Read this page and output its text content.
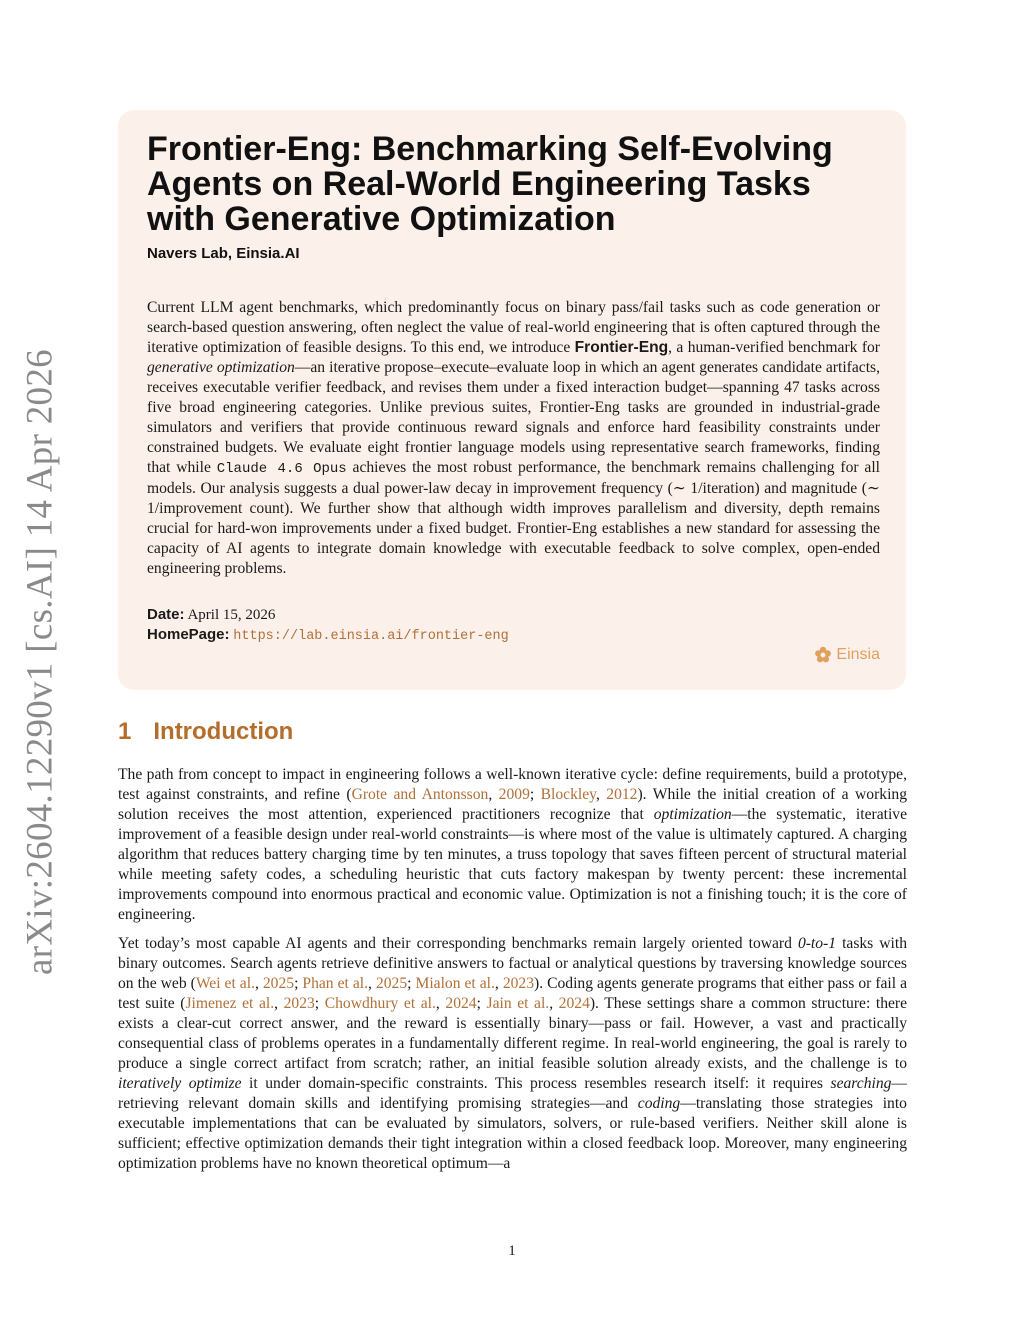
arXiv:2604.12290v1 [cs.AI] 14 Apr 2026
Frontier-Eng: Benchmarking Self-Evolving Agents on Real-World Engineering Tasks with Generative Optimization
Navers Lab, Einsia.AI
Current LLM agent benchmarks, which predominantly focus on binary pass/fail tasks such as code generation or search-based question answering, often neglect the value of real-world engineering that is often captured through the iterative optimization of feasible designs. To this end, we introduce Frontier-Eng, a human-verified benchmark for generative optimization—an iterative propose–execute–evaluate loop in which an agent generates candidate artifacts, receives executable verifier feedback, and revises them under a fixed interaction budget—spanning 47 tasks across five broad engineering categories. Unlike previous suites, Frontier-Eng tasks are grounded in industrial-grade simulators and verifiers that provide continuous reward signals and enforce hard feasibility constraints under constrained budgets. We evaluate eight frontier language models using representative search frameworks, finding that while Claude 4.6 Opus achieves the most robust performance, the benchmark remains challenging for all models. Our analysis suggests a dual power-law decay in improvement frequency (∼ 1/iteration) and magnitude (∼ 1/improvement count). We further show that although width improves parallelism and diversity, depth remains crucial for hard-won improvements under a fixed budget. Frontier-Eng establishes a new standard for assessing the capacity of AI agents to integrate domain knowledge with executable feedback to solve complex, open-ended engineering problems.
Date: April 15, 2026
HomePage: https://lab.einsia.ai/frontier-eng
Einsia
1 Introduction

The path from concept to impact in engineering follows a well-known iterative cycle: define requirements, build a prototype, test against constraints, and refine (Grote and Antonsson, 2009; Blockley, 2012). While the initial creation of a working solution receives the most attention, experienced practitioners recognize that optimization—the systematic, iterative improvement of a feasible design under real-world constraints—is where most of the value is ultimately captured. A charging algorithm that reduces battery charging time by ten minutes, a truss topology that saves fifteen percent of structural material while meeting safety codes, a scheduling heuristic that cuts factory makespan by twenty percent: these incremental improvements compound into enormous practical and economic value. Optimization is not a finishing touch; it is the core of engineering.

Yet today’s most capable AI agents and their corresponding benchmarks remain largely oriented toward 0-to-1 tasks with binary outcomes. Search agents retrieve definitive answers to factual or analytical questions by traversing knowledge sources on the web (Wei et al., 2025; Phan et al., 2025; Mialon et al., 2023). Coding agents generate programs that either pass or fail a test suite (Jimenez et al., 2023; Chowdhury et al., 2024; Jain et al., 2024). These settings share a common structure: there exists a clear-cut correct answer, and the reward is essentially binary—pass or fail. However, a vast and practically consequential class of problems operates in a fundamentally different regime. In real-world engineering, the goal is rarely to produce a single correct artifact from scratch; rather, an initial feasible solution already exists, and the challenge is to iteratively optimize it under domain-specific constraints. This process resembles research itself: it requires searching—retrieving relevant domain skills and identifying promising strategies—and coding—translating those strategies into executable implementations that can be evaluated by simulators, solvers, or rule-based verifiers. Neither skill alone is sufficient; effective optimization demands their tight integration within a closed feedback loop. Moreover, many engineering optimization problems have no known theoretical optimum—a

1
